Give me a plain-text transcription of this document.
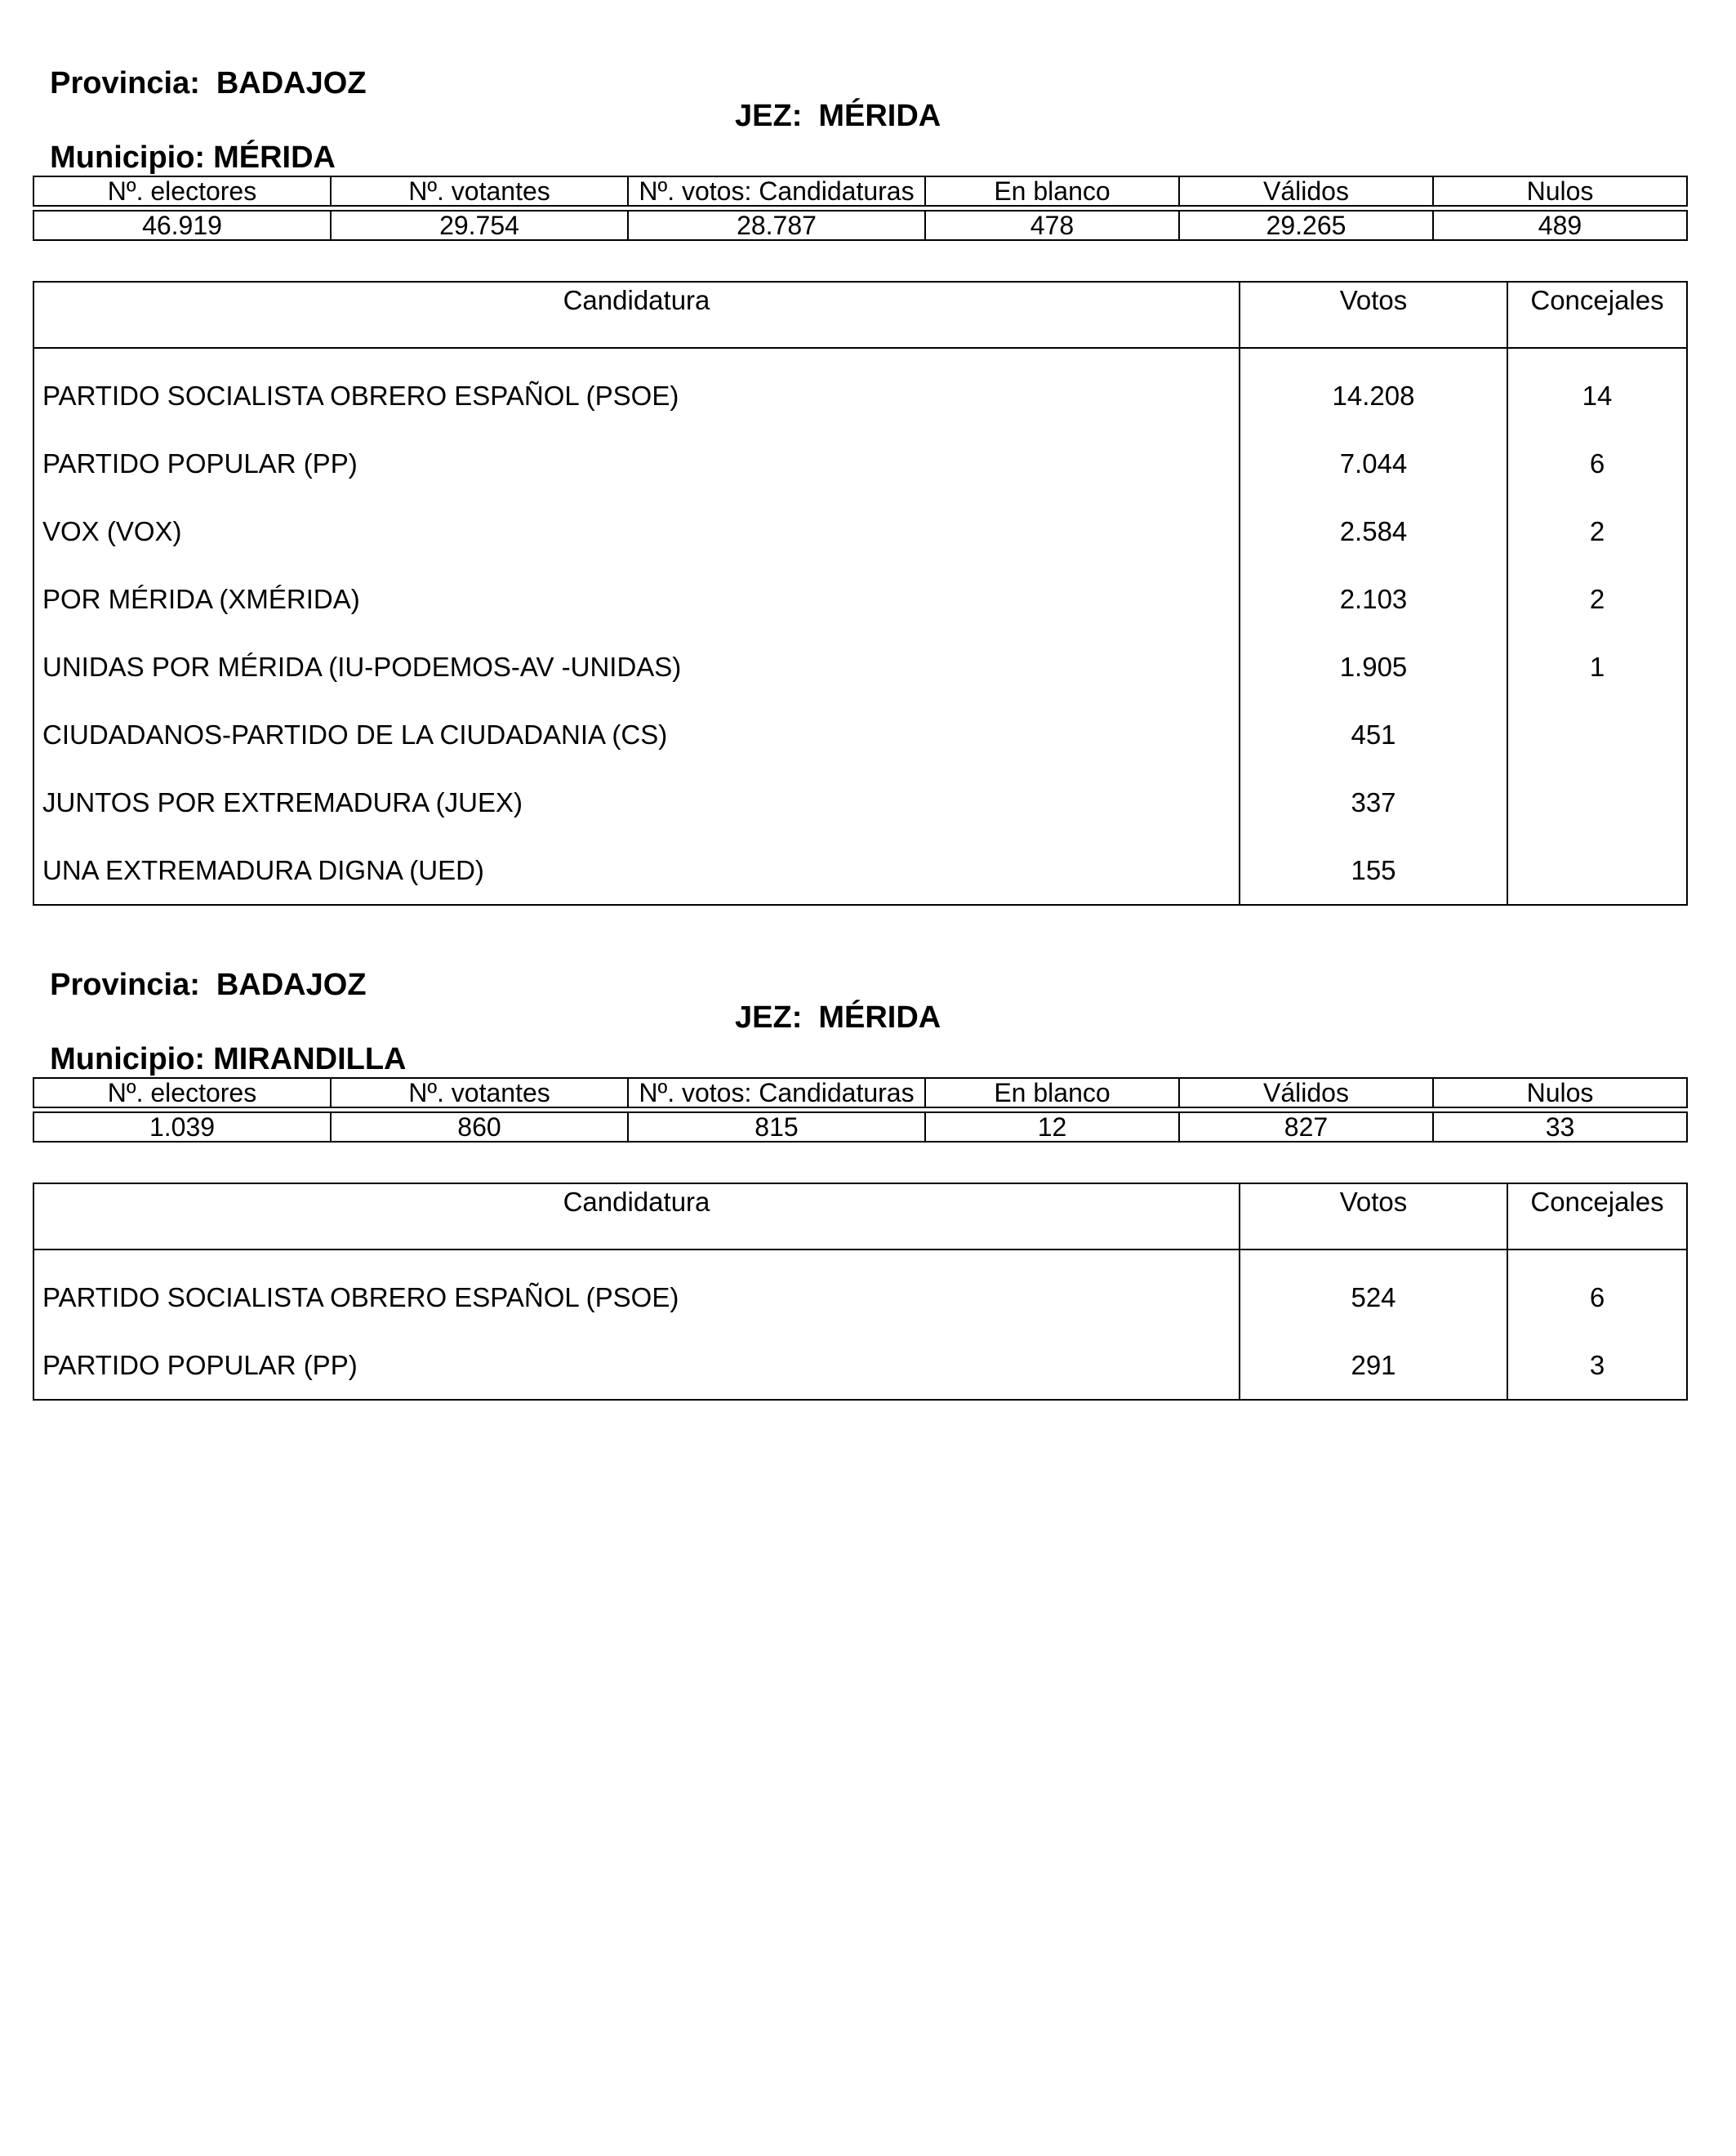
Provincia: BADAJOZ

JEZ: MÉRIDA

Municipio: MÉRIDA

Nº. electores	Nº. votantes	Nº. votos: Candidaturas	En blanco	Válidos	Nulos

46.919	29.754	28.787	478	29.265	489
Candidatura	Votos	Concejales
PARTIDO SOCIALISTA OBRERO ESPAÑOL (PSOE)	14.208	14
PARTIDO POPULAR (PP)	7.044	6
VOX (VOX)	2.584	2
POR MÉRIDA (XMÉRIDA)	2.103	2
UNIDAS POR MÉRIDA (IU-PODEMOS-AV -UNIDAS)	1.905	1
CIUDADANOS-PARTIDO DE LA CIUDADANIA (CS)	451	
JUNTOS POR EXTREMADURA (JUEX)	337	
UNA EXTREMADURA DIGNA (UED)	155	

Provincia: BADAJOZ

JEZ: MÉRIDA

Municipio: MIRANDILLA

Nº. electores	Nº. votantes	Nº. votos: Candidaturas	En blanco	Válidos	Nulos

1.039	860	815	12	827	33
Candidatura	Votos	Concejales
PARTIDO SOCIALISTA OBRERO ESPAÑOL (PSOE)	524	6
PARTIDO POPULAR (PP)	291	3
